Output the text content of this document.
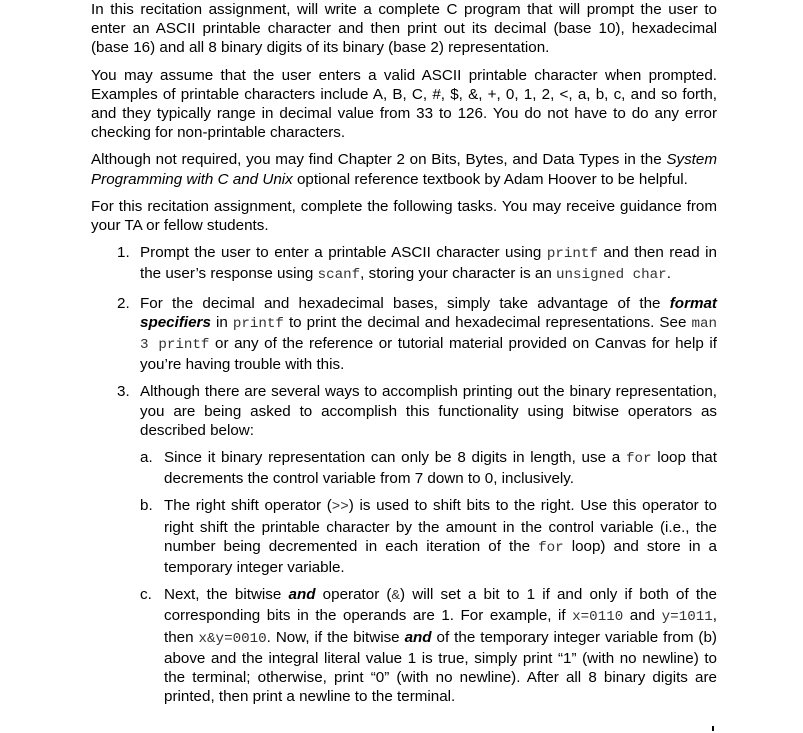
In this recitation assignment, will write a complete C program that will prompt the user to enter an ASCII printable character and then print out its decimal (base 10), hexadecimal (base 16) and all 8 binary digits of its binary (base 2) representation.

You may assume that the user enters a valid ASCII printable character when prompted. Examples of printable characters include A, B, C, #, $, &, +, 0, 1, 2, <, a, b, c, and so forth, and they typically range in decimal value from 33 to 126. You do not have to do any error checking for non-printable characters.

Although not required, you may find Chapter 2 on Bits, Bytes, and Data Types in the System Programming with C and Unix optional reference textbook by Adam Hoover to be helpful.

For this recitation assignment, complete the following tasks. You may receive guidance from your TA or fellow students.

1. Prompt the user to enter a printable ASCII character using printf and then read in the user’s response using scanf, storing your character is an unsigned char.
2. For the decimal and hexadecimal bases, simply take advantage of the format specifiers in printf to print the decimal and hexadecimal representations. See man 3 printf or any of the reference or tutorial material provided on Canvas for help if you’re having trouble with this.
3. Although there are several ways to accomplish printing out the binary representation, you are being asked to accomplish this functionality using bitwise operators as described below:
a. Since it binary representation can only be 8 digits in length, use a for loop that decrements the control variable from 7 down to 0, inclusively.
b. The right shift operator (>>) is used to shift bits to the right. Use this operator to right shift the printable character by the amount in the control variable (i.e., the number being decremented in each iteration of the for loop) and store in a temporary integer variable.
c. Next, the bitwise and operator (&) will set a bit to 1 if and only if both of the corresponding bits in the operands are 1. For example, if x=0110 and y=1011, then x&y=0010. Now, if the bitwise and of the temporary integer variable from (b) above and the integral literal value 1 is true, simply print “1” (with no newline) to the terminal; otherwise, print “0” (with no newline). After all 8 binary digits are printed, then print a newline to the terminal.
